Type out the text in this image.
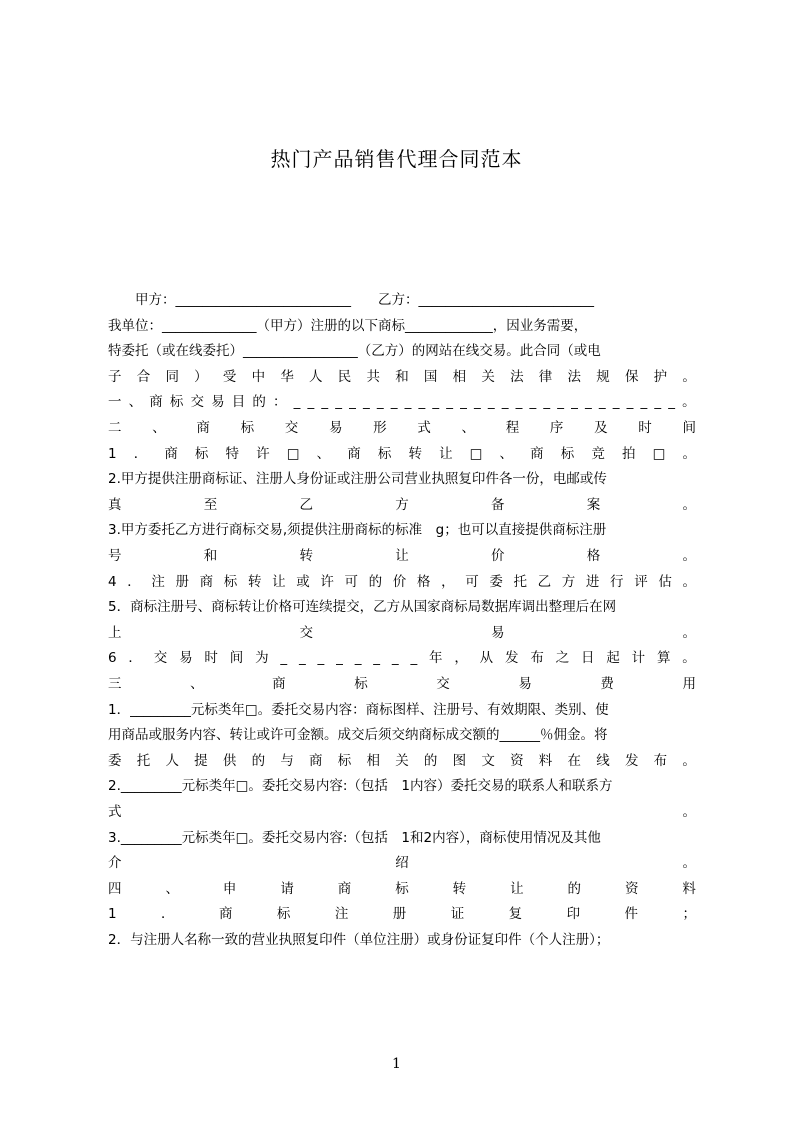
热门产品销售代理合同范本
　　甲方：__________________________　　乙方：__________________________
我单位：______________（甲方）注册的以下商标_____________，因业务需要，
特委托（或在线委托）_________________（乙方）的网站在线交易。此合同（或电
子 合 同 ） 受 中 华 人 民 共 和 国 相 关 法 律 法 规 保 护 。
一 、 商 标 交 易 目 的 ： _ _ _ _ _ _ _ _ _ _ _ _ _ _ _ _ _ _ _ _ _ _ _ _ _ _ _ _ 。
二 、 商 标 交 易 形 式 、 程 序 及 时 间
1 ． 商 标 特 许 □ 、 商 标 转 让 □ 、 商 标 竞 拍 □ 。
2.甲方提供注册商标证、注册人身份证或注册公司营业执照复印件各一份，电邮或传
真	至	乙	方	备	案	。
3.甲方委托乙方进行商标交易,须提供注册商标的标准　g；也可以直接提供商标注册
号	和	转	让	价	格	。
4 ． 注 册 商 标 转 让 或 许 可 的 价 格 ， 可 委 托 乙 方 进 行 评 估 。
5．商标注册号、商标转让价格可连续提交，乙方从国家商标局数据库调出整理后在网
上	交	易	。
6 ． 交 易 时 间 为 _ _ _ _ _ _ _ _ 年 ， 从 发 布 之 日 起 计 算 。
三	、	商	标	交	易	费	用
1．_________元标类年□。委托交易内容：商标图样、注册号、有效期限、类别、使
用商品或服务内容、转让或许可金额。成交后须交纳商标成交额的______％佣金。将
委 托 人 提 供 的 与 商 标 相 关 的 图 文 资 料 在 线 发 布 。
2._________元标类年□。委托交易内容:（包括　1内容）委托交易的联系人和联系方
式	。
3._________元标类年□。委托交易内容:（包括　1和2内容），商标使用情况及其他
介	绍	。
四	、	申	请	商	标	转	让	的	资	料
1	．	商	标	注	册	证	复	印	件	；
2．与注册人名称一致的营业执照复印件（单位注册）或身份证复印件（个人注册）；
1
